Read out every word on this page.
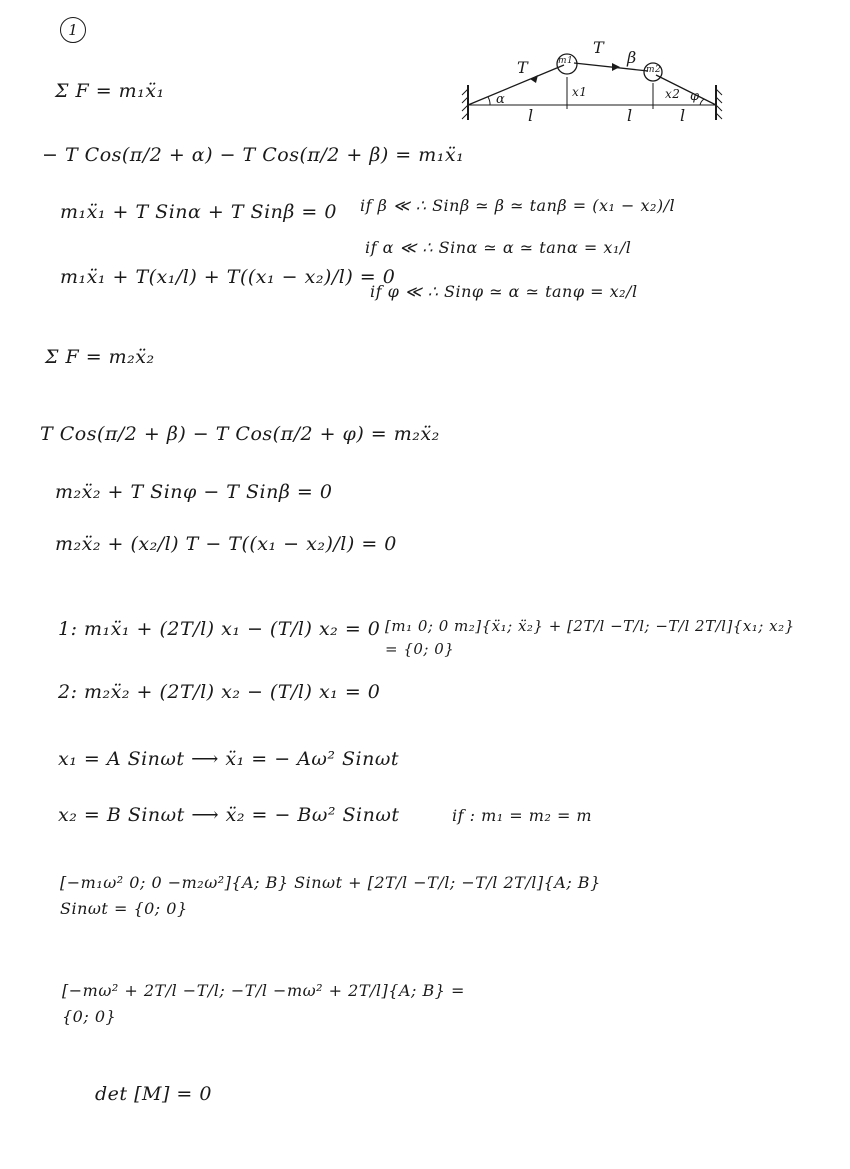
1
T
T
β
m1
m2
x1	x2
α	φ
l	l	l
Σ F = m₁ẍ₁
− T Cos(π/2 + α) − T Cos(π/2 + β) = m₁ẍ₁
m₁ẍ₁ + T Sinα + T Sinβ = 0
m₁ẍ₁ + T(x₁/l) + T((x₁ − x₂)/l) = 0
if β ≪ ∴ Sinβ ≃ β ≃ tanβ = (x₁ − x₂)/l
if α ≪ ∴ Sinα ≃ α ≃ tanα = x₁/l
if φ ≪ ∴ Sinφ ≃ α ≃ tanφ = x₂/l
Σ F = m₂ẍ₂
T Cos(π/2 + β) − T Cos(π/2 + φ) = m₂ẍ₂
m₂ẍ₂ + T Sinφ − T Sinβ = 0
m₂ẍ₂ + (x₂/l) T − T((x₁ − x₂)/l) = 0
1: m₁ẍ₁ + (2T/l) x₁ − (T/l) x₂ = 0
2: m₂ẍ₂ + (2T/l) x₂ − (T/l) x₁ = 0
[m₁ 0; 0 m₂]{ẍ₁; ẍ₂} + [2T/l −T/l; −T/l 2T/l]{x₁; x₂} = {0; 0}
x₁ = A Sinωt ⟶ ẍ₁ = − Aω² Sinωt
x₂ = B Sinωt ⟶ ẍ₂ = − Bω² Sinωt	if : m₁ = m₂ = m
[−m₁ω² 0; 0 −m₂ω²]{A; B} Sinωt + [2T/l −T/l; −T/l 2T/l]{A; B} Sinωt = {0; 0}
[−mω² + 2T/l −T/l; −T/l −mω² + 2T/l]{A; B} = {0; 0}
det [M] = 0
